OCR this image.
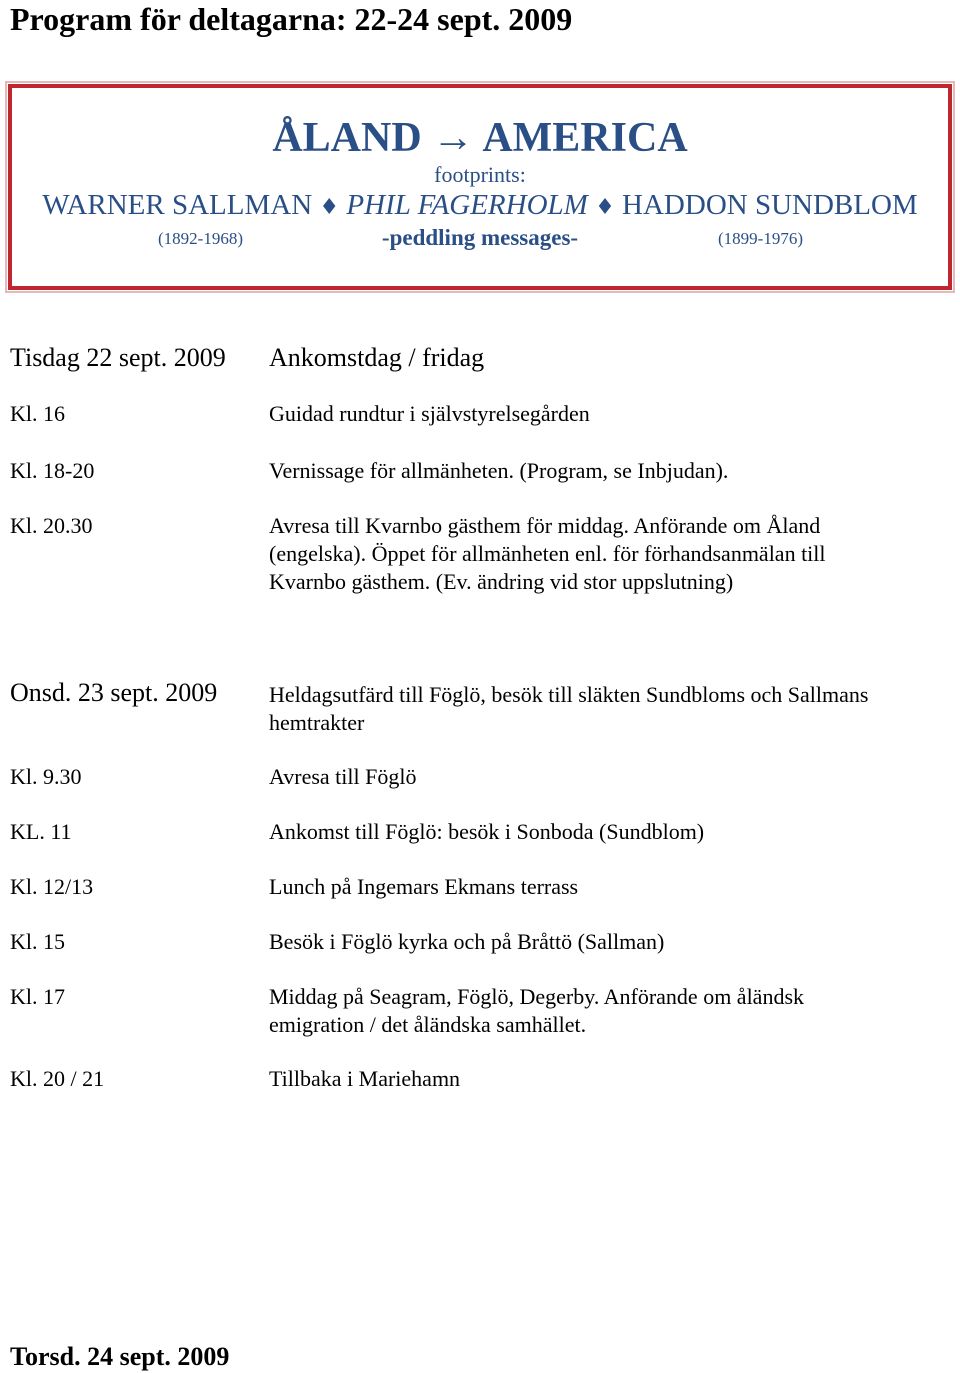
Program för deltagarna: 22-24 sept. 2009
ÅLAND → AMERICA
footprints:
WARNER SALLMAN ♦ PHIL FAGERHOLM ♦ HADDON SUNDBLOM
(1892-1968)	-peddling messages-	(1899-1976)
Tisdag 22 sept. 2009 Ankomstdag / fridag
Kl. 16	Guidad rundtur i självstyrelsegården
Kl. 18-20	Vernissage för allmänheten. (Program, se Inbjudan).
Kl. 20.30	Avresa till Kvarnbo gästhem för middag. Anförande om Åland (engelska). Öppet för allmänheten enl. för förhandsanmälan till Kvarnbo gästhem. (Ev. ändring vid stor uppslutning)
Onsd. 23 sept. 2009 Heldagsutfärd till Föglö, besök till släkten Sundbloms och Sallmans hemtrakter
Kl. 9.30	Avresa till Föglö
KL. 11	Ankomst till Föglö: besök i Sonboda (Sundblom)
Kl. 12/13	Lunch på Ingemars Ekmans terrass
Kl. 15	Besök i Föglö kyrka och på Bråttö (Sallman)
Kl. 17	Middag på Seagram, Föglö, Degerby. Anförande om åländsk emigration / det åländska samhället.
Kl. 20 / 21	Tillbaka i Mariehamn
Torsd. 24 sept. 2009
